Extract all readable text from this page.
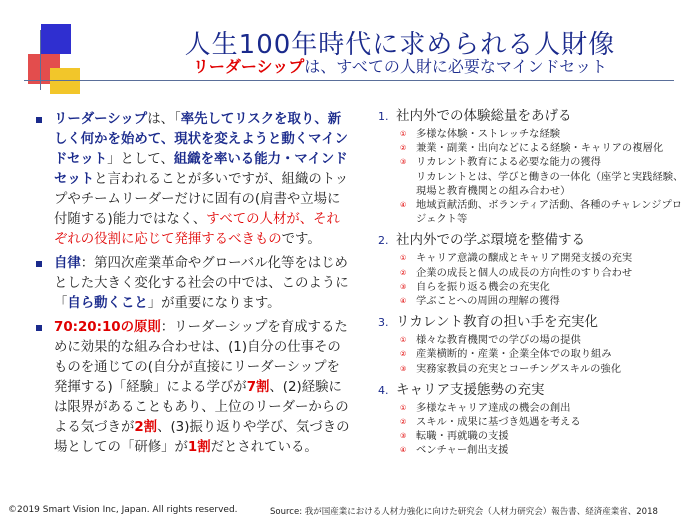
人生100年時代に求められる人財像
リーダーシップは、すべての人財に必要なマインドセット
リーダーシップは、「率先してリスクを取り、新しく何かを始めて、現状を変えようと動くマインドセット」として、組織を率いる能力・マインドセットと言われることが多いですが、組織のトップやチームリーダーだけに固有の(肩書や立場に付随する)能力ではなく、すべての人材が、それぞれの役割に応じて発揮するべきものです。
自律：第四次産業革命やグローバル化等をはじめとした大きく変化する社会の中では、このように「自ら動くこと」が重要になります。
70:20:10の原則：リーダーシップを育成するために効果的な組み合わせは、(1)自分の仕事そのものを通じての(自分が直接にリーダーシップを発揮する)「経験」による学びが7割、(2)経験には限界があることもあり、上位のリーダーからのよる気づきが2割、(3)振り返りや学び、気づきの場としての「研修」が1割だとされている。
1. 社内外での体験総量をあげる
① 多様な体験・ストレッチな経験
② 兼業・副業・出向などによる経験・キャリアの複層化
③ リカレント教育による必要な能力の獲得
リカレントとは、学びと働きの一体化（座学と実践経験、現場と教育機関との組み合わせ）
④ 地域貢献活動、ボランティア活動、各種のチャレンジプロジェクト等
2. 社内外での学ぶ環境を整備する
① キャリア意識の醸成とキャリア開発支援の充実
② 企業の成長と個人の成長の方向性のすり合わせ
③ 自らを振り返る機会の充実化
④ 学ぶことへの周囲の理解の獲得
3. リカレント教育の担い手を充実化
① 様々な教育機関での学びの場の提供
② 産業横断的・産業・企業全体での取り組み
③ 実務家教員の充実とコーチングスキルの強化
4. キャリア支援態勢の充実
① 多様なキャリア達成の機会の創出
② スキル・成果に基づき処遇を考える
③ 転職・再就職の支援
④ ベンチャー創出支援
©2019 Smart Vision Inc, Japan. All rights reserved.	Source: 我が国産業における人材力強化に向けた研究会（人材力研究会）報告書、経済産業省、2018
